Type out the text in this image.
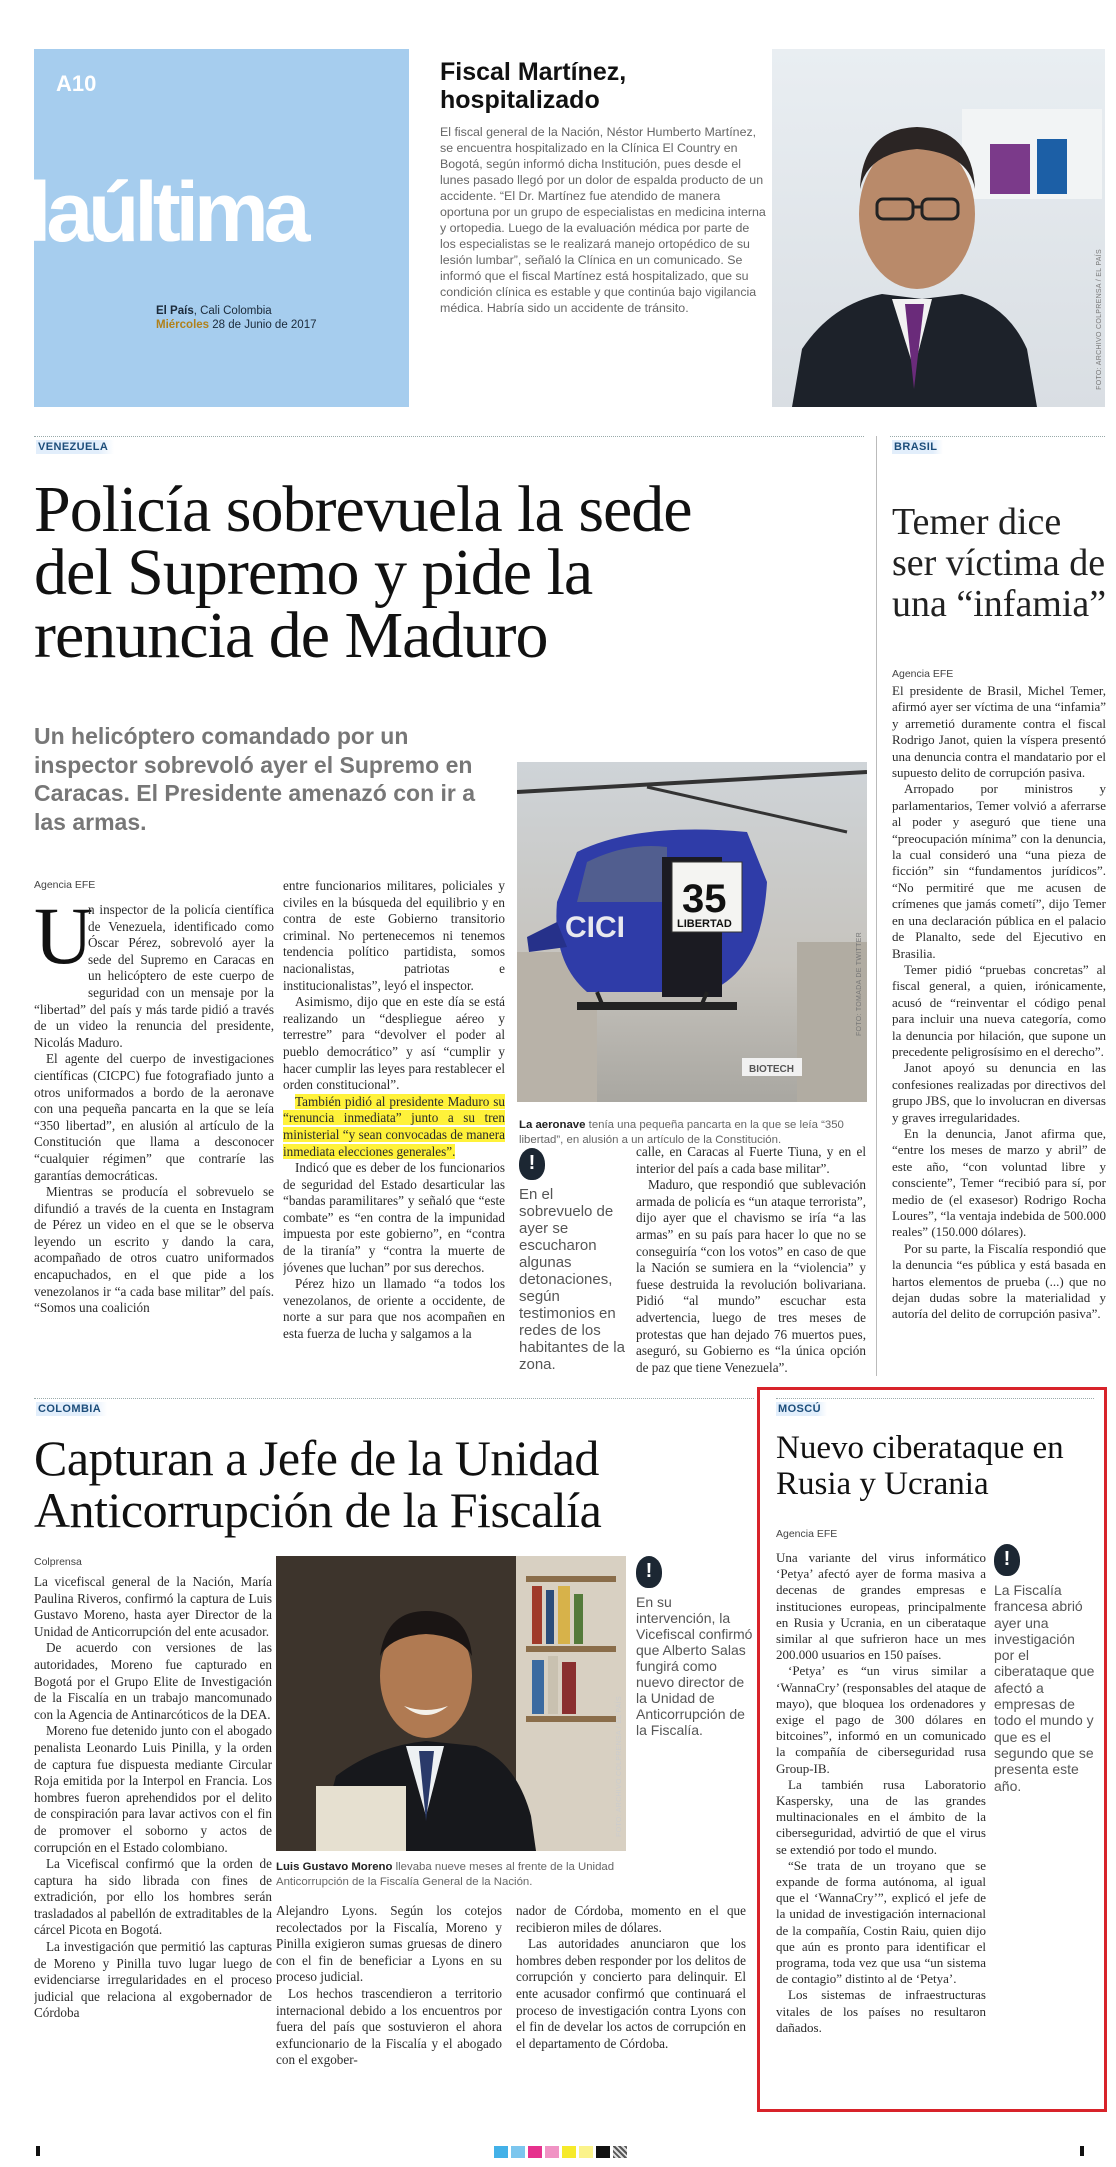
A10
laúltima
El País, Cali Colombia
Miércoles 28 de Junio de 2017
Fiscal Martínez, hospitalizado

El fiscal general de la Nación, Néstor Humberto Martínez, se encuentra hospitalizado en la Clínica El Country en Bogotá, según informó dicha Institución, pues desde el lunes pasado llegó por un dolor de espalda producto de un accidente. “El Dr. Martínez fue atendido de manera oportuna por un grupo de especialistas en medicina interna y ortopedia. Luego de la evaluación médica por parte de los especialistas se le realizará manejo ortopédico de su lesión lumbar”, señaló la Clínica en un comunicado. Se informó que el fiscal Martínez está hospitalizado, que su condición clínica es estable y que continúa bajo vigilancia médica. Habría sido un accidente de tránsito.	FOTO: ARCHIVO COLPRENSA / EL PAÍS
VENEZUELA
Policía sobrevuela la sede del Supremo y pide la renuncia de Maduro
Un helicóptero comandado por un inspector sobrevoló ayer el Supremo en Caracas. El Presidente amenazó con ir a las armas.
35
LIBERTAD
CICI
BIOTECH
FOTO: TOMADA DE TWITTER
La aeronave tenía una pequeña pancarta en la que se leía “350 libertad”, en alusión a un artículo de la Constitución.
Agencia EFE
U

n inspector de la policía científica de Venezuela, identificado como Óscar Pérez, sobrevoló ayer la sede del Supremo en Caracas en un helicóptero de este cuerpo de seguridad con un mensaje por la “libertad” del país y más tarde pidió a través de un video la renuncia del presidente, Nicolás Maduro.

El agente del cuerpo de investigaciones científicas (CICPC) fue fotografiado junto a otros uniformados a bordo de la aeronave con una pequeña pancarta en la que se leía “350 libertad”, en alusión al artículo de la Constitución que llama a desconocer “cualquier régimen” que contraríe las garantías democráticas.

Mientras se producía el sobrevuelo se difundió a través de la cuenta en Instagram de Pérez un video en el que se le observa leyendo un escrito y dando la cara, acompañado de otros cuatro uniformados encapuchados, en el que pide a los venezolanos ir “a cada base militar” del país. “Somos una coalición

entre funcionarios militares, policiales y civiles en la búsqueda del equilibrio y en contra de este Gobierno transitorio criminal. No pertenecemos ni tenemos tendencia político partidista, somos nacionalistas, patriotas e institucionalistas”, leyó el inspector.

Asimismo, dijo que en este día se está realizando un “despliegue aéreo y terrestre” para “devolver el poder al pueblo democrático” y así “cumplir y hacer cumplir las leyes para restablecer el orden constitucional”.

También pidió al presidente Maduro su “renuncia inmediata” junto a su tren ministerial “y sean convocadas de manera inmediata elecciones generales”.

Indicó que es deber de los funcionarios de seguridad del Estado desarticular las “bandas paramilitares” y señaló que “este combate” es “en contra de la impunidad impuesta por este gobierno”, en “contra de la tiranía” y “contra la muerte de jóvenes que luchan” por sus derechos.

Pérez hizo un llamado “a todos los venezolanos, de oriente a occidente, de norte a sur para que nos acompañen en esta fuerza de lucha y salgamos a la

!
En el sobrevuelo de ayer se escucharon algunas detonaciones, según testimonios en redes de los habitantes de la zona.

calle, en Caracas al Fuerte Tiuna, y en el interior del país a cada base militar”.

Maduro, que respondió que sublevación armada de policía es “un ataque terrorista”, dijo ayer que el chavismo se iría “a las armas” en su país para hacer lo que no se conseguiría “con los votos” en caso de que la Nación se sumiera en la “violencia” y fuese destruida la revolución bolivariana. Pidió “al mundo” escuchar esta advertencia, luego de tres meses de protestas que han dejado 76 muertos pues, aseguró, su Gobierno es “la única opción de paz que tiene Venezuela”.

BRASIL
Temer dice ser víctima de una “infamia”
Agencia EFE

El presidente de Brasil, Michel Temer, afirmó ayer ser víctima de una “infamia” y arremetió duramente contra el fiscal Rodrigo Janot, quien la víspera presentó una denuncia contra el mandatario por el supuesto delito de corrupción pasiva.

Arropado por ministros y parlamentarios, Temer volvió a aferrarse al poder y aseguró que tiene una “preocupación mínima” con la denuncia, la cual consideró una “una pieza de ficción” sin “fundamentos jurídicos”. “No permitiré que me acusen de crímenes que jamás cometí”, dijo Temer en una declaración pública en el palacio de Planalto, sede del Ejecutivo en Brasilia.

Temer pidió “pruebas concretas” al fiscal general, a quien, irónicamente, acusó de “reinventar el código penal para incluir una nueva categoría, como la denuncia por hilación, que supone un precedente peligrosísimo en el derecho”.

Janot apoyó su denuncia en las confesiones realizadas por directivos del grupo JBS, que lo involucran en diversas y graves irregularidades.

En la denuncia, Janot afirma que, “entre los meses de marzo y abril” de este año, “con voluntad libre y consciente”, Temer “recibió para sí, por medio de (el exasesor) Rodrigo Rocha Loures”, “la ventaja indebida de 500.000 reales” (150.000 dólares).

Por su parte, la Fiscalía respondió que la denuncia “es pública y está basada en hartos elementos de prueba (...) que no dejan dudas sobre la materialidad y autoría del delito de corrupción pasiva”.

COLOMBIA
Capturan a Jefe de la Unidad Anticorrupción de la Fiscalía
Colprensa

La vicefiscal general de la Nación, María Paulina Riveros, confirmó la captura de Luis Gustavo Moreno, hasta ayer Director de la Unidad de Anticorrupción del ente acusador.

De acuerdo con versiones de las autoridades, Moreno fue capturado en Bogotá por el Grupo Elite de Investigación de la Fiscalía en un trabajo mancomunado con la Agencia de Antinarcóticos de la DEA.

Moreno fue detenido junto con el abogado penalista Leonardo Luis Pinilla, y la orden de captura fue dispuesta mediante Circular Roja emitida por la Interpol en Francia. Los hombres fueron aprehendidos por el delito de conspiración para lavar activos con el fin de promover el soborno y actos de corrupción en el Estado colombiano.

La Vicefiscal confirmó que la orden de captura ha sido librada con fines de extradición, por ello los hombres serán trasladados al pabellón de extraditables de la cárcel Picota en Bogotá.

La investigación que permitió las capturas de Moreno y Pinilla tuvo lugar luego de evidenciarse irregularidades en el proceso judicial que relaciona al exgobernador de Córdoba

FOTO: ARCHIVO COLPRENSA / EL PAÍS
Luis Gustavo Moreno llevaba nueve meses al frente de la Unidad Anticorrupción de la Fiscalía General de la Nación.
!
En su intervención, la Vicefiscal confirmó que Alberto Salas fungirá como nuevo director de la Unidad de Anticorrupción de la Fiscalía.

Alejandro Lyons. Según los cotejos recolectados por la Fiscalía, Moreno y Pinilla exigieron sumas gruesas de dinero con el fin de beneficiar a Lyons en su proceso judicial.

Los hechos trascendieron a territorio internacional debido a los encuentros por fuera del país que sostuvieron el ahora exfuncionario de la Fiscalía y el abogado con el exgober-

nador de Córdoba, momento en el que recibieron miles de dólares.

Las autoridades anunciaron que los hombres deben responder por los delitos de corrupción y concierto para delinquir. El ente acusador confirmó que continuará el proceso de investigación contra Lyons con el fin de develar los actos de corrupción en el departamento de Córdoba.

MOSCÚ
Nuevo ciberataque en Rusia y Ucrania
Agencia EFE

Una variante del virus informático ‘Petya’ afectó ayer de forma masiva a decenas de grandes empresas e instituciones europeas, principalmente en Rusia y Ucrania, en un ciberataque similar al que sufrieron hace un mes 200.000 usuarios en 150 países.

‘Petya’ es “un virus similar a ‘WannaCry’ (responsables del ataque de mayo), que bloquea los ordenadores y exige el pago de 300 dólares en bitcoines”, informó en un comunicado la compañía de ciberseguridad rusa Group-IB.

La también rusa Laboratorio Kaspersky, una de las grandes multinacionales en el ámbito de la ciberseguridad, advirtió de que el virus se extendió por todo el mundo.

“Se trata de un troyano que se expande de forma autónoma, al igual que el ‘WannaCry’”, explicó el jefe de la unidad de investigación internacional de la compañía, Costin Raiu, quien dijo que aún es pronto para identificar el programa, toda vez que usa “un sistema de contagio” distinto al de ‘Petya’.

Los sistemas de infraestructuras vitales de los países no resultaron dañados.

!
La Fiscalía francesa abrió ayer una investigación por el ciberataque que afectó a empresas de todo el mundo y que es el segundo que se presenta este año.
